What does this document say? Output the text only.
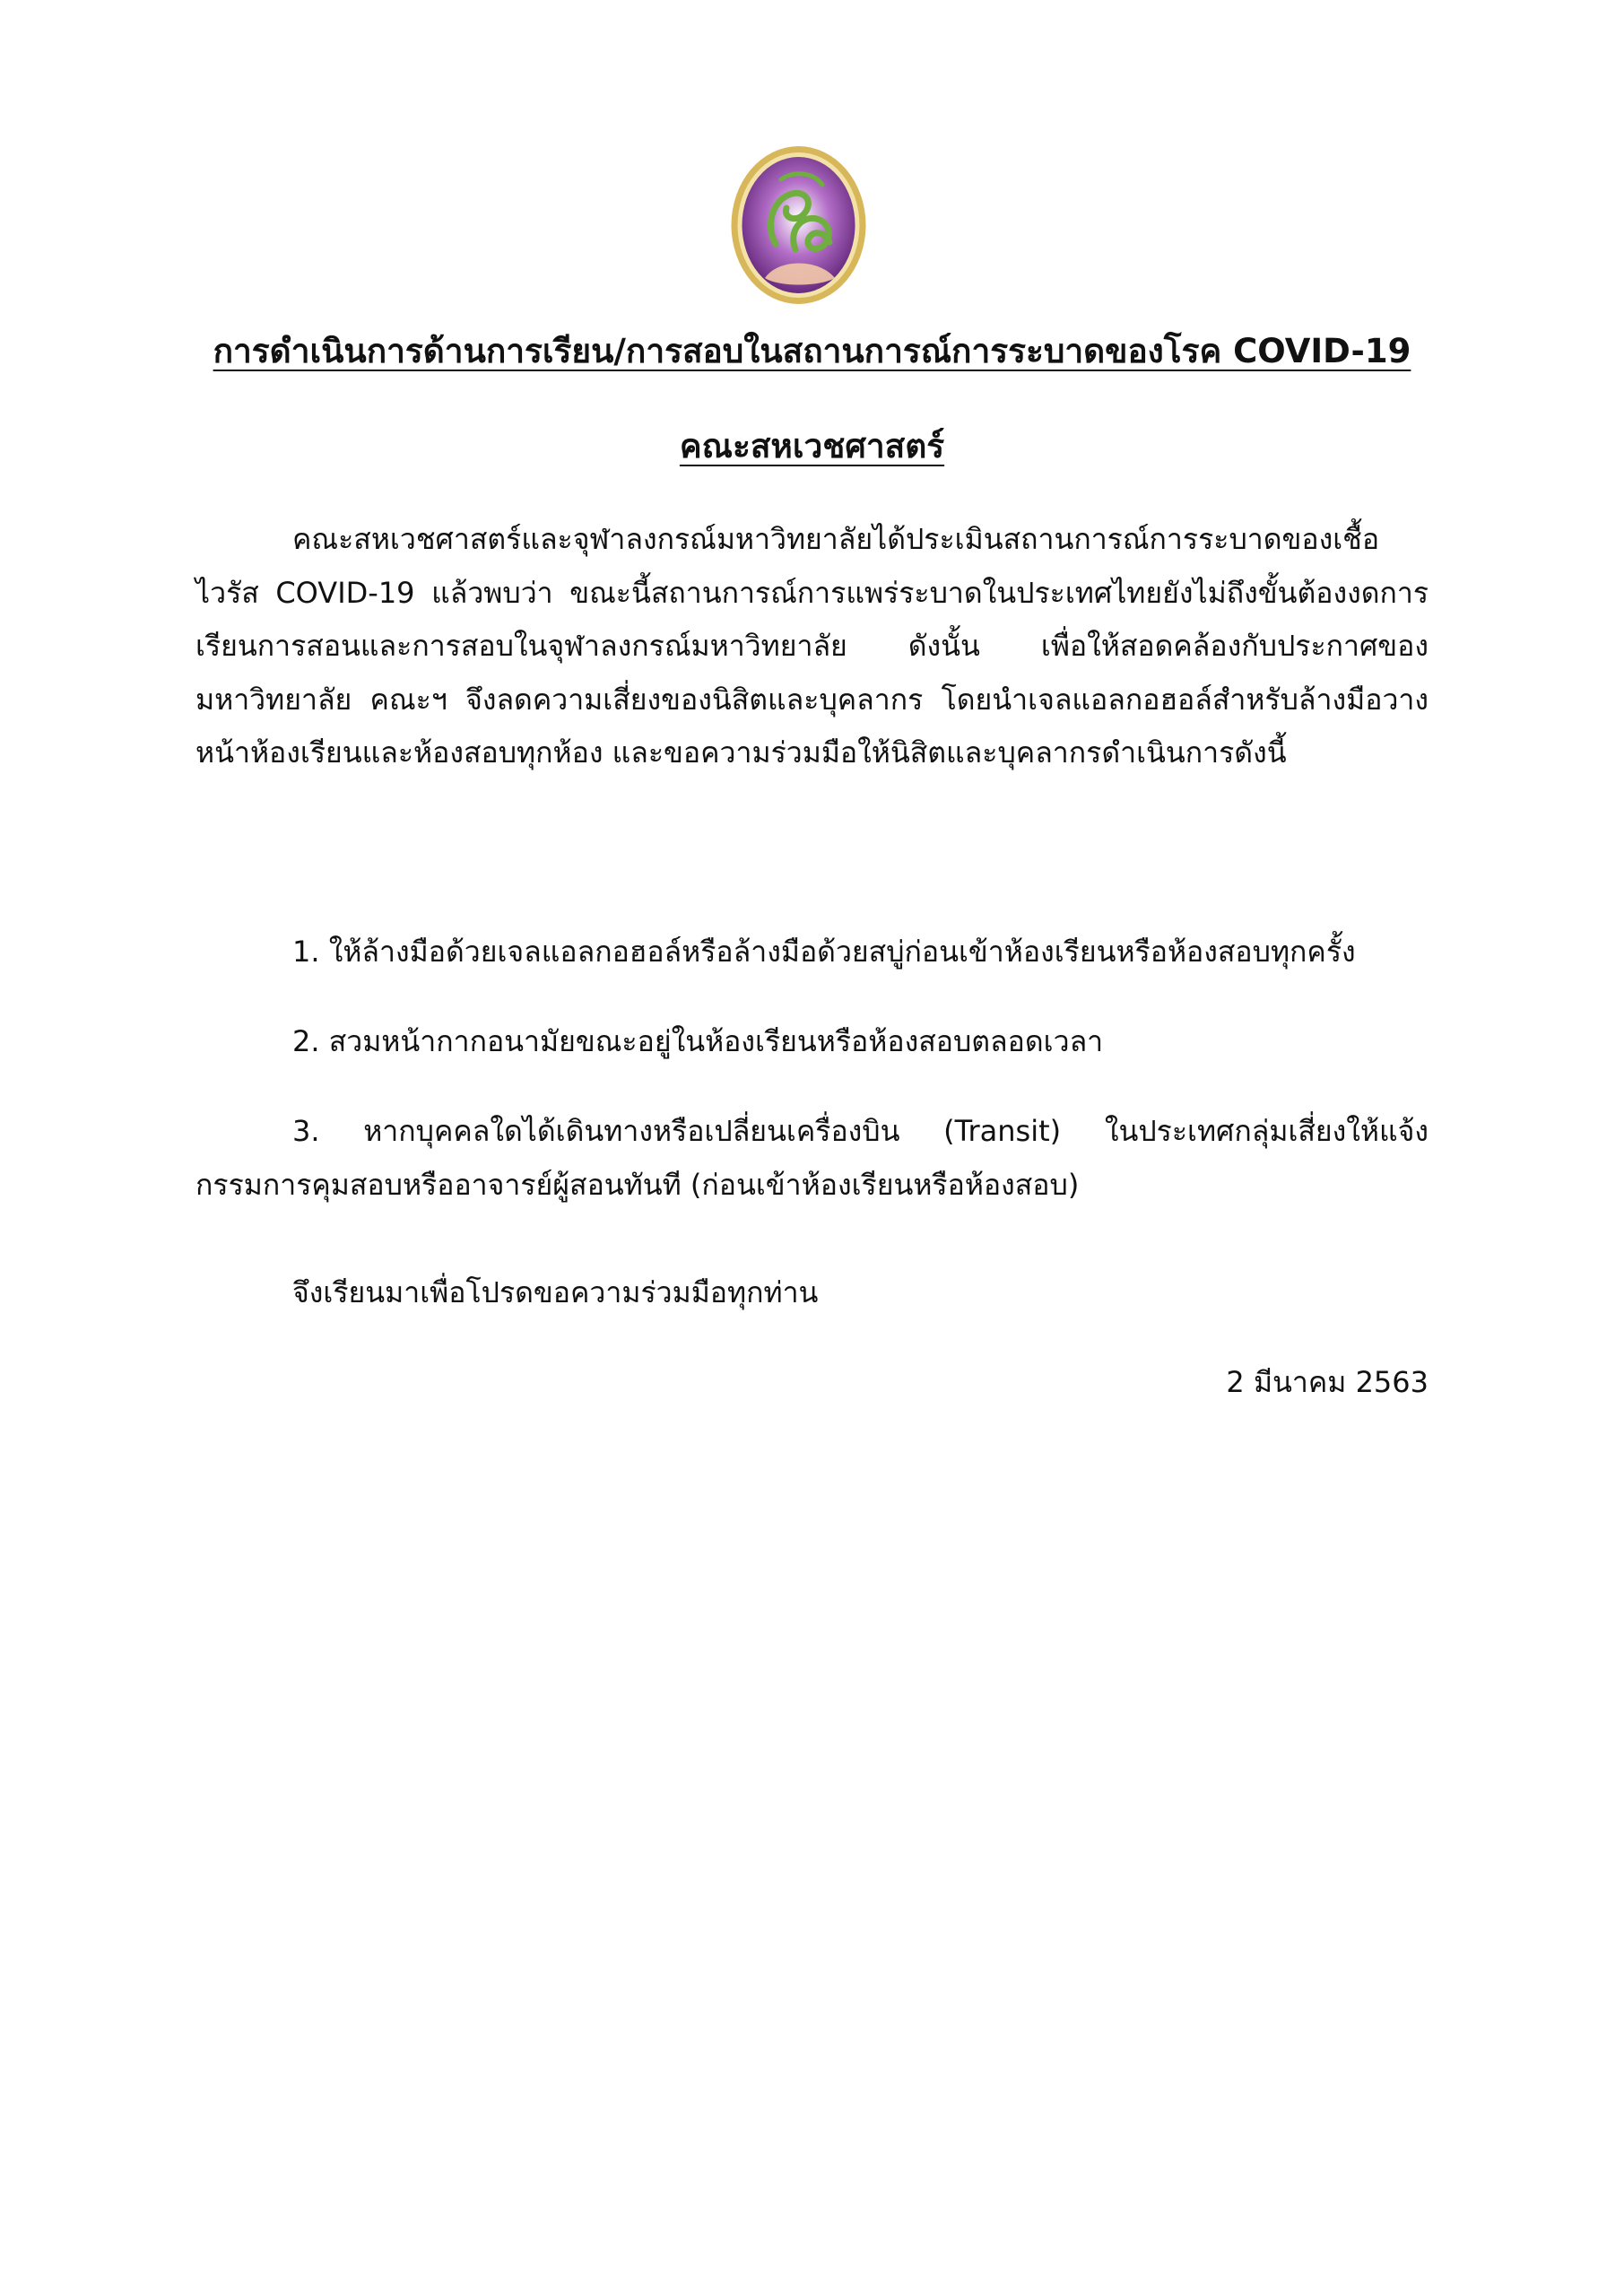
การดำเนินการด้านการเรียน/การสอบในสถานการณ์การระบาดของโรค COVID-19
คณะสหเวชศาสตร์

คณะสหเวชศาสตร์และจุฬาลงกรณ์มหาวิทยาลัยได้ประเมินสถานการณ์การระบาดของเชื้อไวรัส COVID-19 แล้วพบว่า ขณะนี้สถานการณ์การแพร่ระบาดในประเทศไทยยังไม่ถึงขั้นต้องงดการเรียนการสอนและการสอบในจุฬาลงกรณ์มหาวิทยาลัย ดังนั้น เพื่อให้สอดคล้องกับประกาศของมหาวิทยาลัย คณะฯ จึงลดความเสี่ยงของนิสิตและบุคลากร โดยนำเจลแอลกอฮอล์สำหรับล้างมือวางหน้าห้องเรียนและห้องสอบทุกห้อง และขอความร่วมมือให้นิสิตและบุคลากรดำเนินการดังนี้

1. ให้ล้างมือด้วยเจลแอลกอฮอล์หรือล้างมือด้วยสบู่ก่อนเข้าห้องเรียนหรือห้องสอบทุกครั้ง

2. สวมหน้ากากอนามัยขณะอยู่ในห้องเรียนหรือห้องสอบตลอดเวลา

3. หากบุคคลใดได้เดินทางหรือเปลี่ยนเครื่องบิน (Transit) ในประเทศกลุ่มเสี่ยงให้แจ้งกรรมการคุมสอบหรืออาจารย์ผู้สอนทันที (ก่อนเข้าห้องเรียนหรือห้องสอบ)

จึงเรียนมาเพื่อโปรดขอความร่วมมือทุกท่าน

2 มีนาคม 2563
